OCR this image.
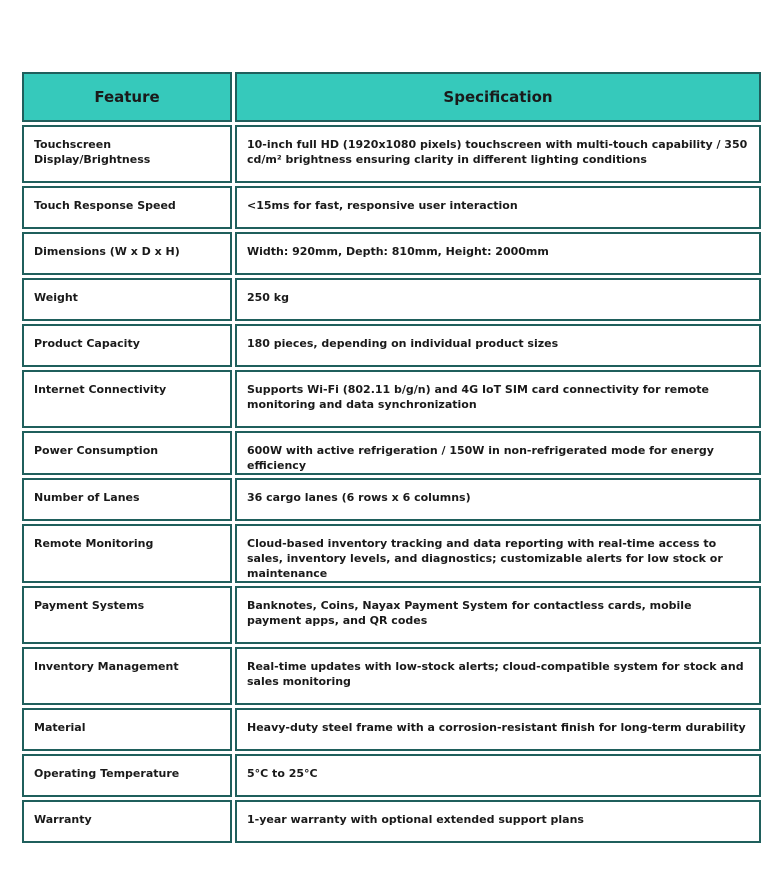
Feature	Specification
Touchscreen Display/Brightness	10-inch full HD (1920x1080 pixels) touchscreen with multi-touch capability / 350 cd/m² brightness ensuring clarity in different lighting conditions
Touch Response Speed	<15ms for fast, responsive user interaction
Dimensions (W x D x H)	Width: 920mm, Depth: 810mm, Height: 2000mm
Weight	250 kg
Product Capacity	180 pieces, depending on individual product sizes
Internet Connectivity	Supports Wi-Fi (802.11 b/g/n) and 4G IoT SIM card connectivity for remote monitoring and data synchronization
Power Consumption	600W with active refrigeration / 150W in non-refrigerated mode for energy efficiency
Number of Lanes	36 cargo lanes (6 rows x 6 columns)
Remote Monitoring	Cloud-based inventory tracking and data reporting with real-time access to sales, inventory levels, and diagnostics; customizable alerts for low stock or maintenance
Payment Systems	Banknotes, Coins, Nayax Payment System for contactless cards, mobile payment apps, and QR codes
Inventory Management	Real-time updates with low-stock alerts; cloud-compatible system for stock and sales monitoring
Material	Heavy-duty steel frame with a corrosion-resistant finish for long-term durability
Operating Temperature	5°C to 25°C
Warranty	1-year warranty with optional extended support plans
